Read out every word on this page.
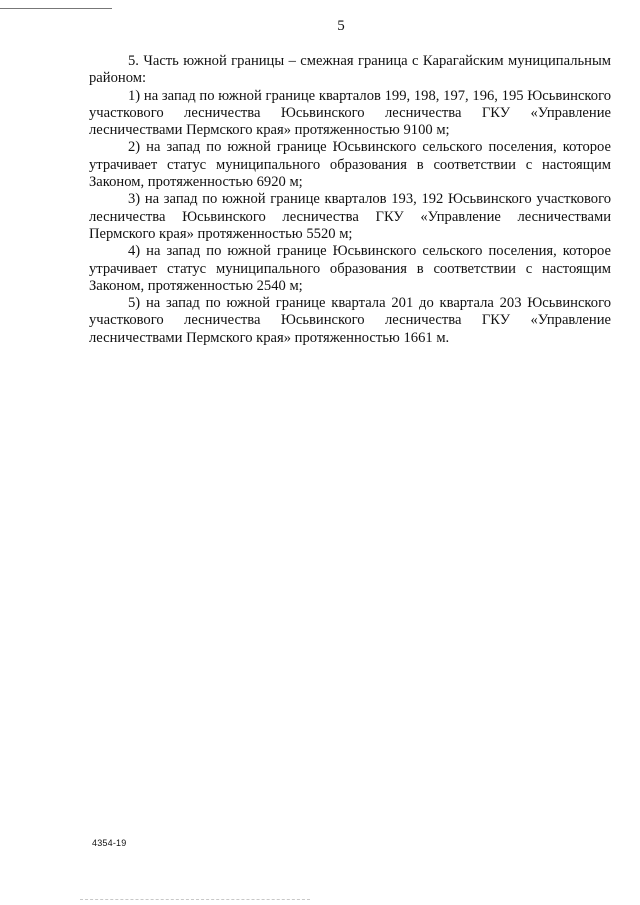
5

5. Часть южной границы – смежная граница с Карагайским муниципальным районом:

1) на запад по южной границе кварталов 199, 198, 197, 196, 195 Юсьвинского участкового лесничества Юсьвинского лесничества ГКУ «Управление лесничествами Пермского края» протяженностью 9100 м;

2) на запад по южной границе Юсьвинского сельского поселения, которое утрачивает статус муниципального образования в соответствии с настоящим Законом, протяженностью 6920 м;

3) на запад по южной границе кварталов 193, 192 Юсьвинского участкового лесничества Юсьвинского лесничества ГКУ «Управление лесничествами Пермского края» протяженностью 5520 м;

4) на запад по южной границе Юсьвинского сельского поселения, которое утрачивает статус муниципального образования в соответствии с настоящим Законом, протяженностью 2540 м;

5) на запад по южной границе квартала 201 до квартала 203 Юсьвинского участкового лесничества Юсьвинского лесничества ГКУ «Управление лесничествами Пермского края» протяженностью 1661 м.

4354-19
